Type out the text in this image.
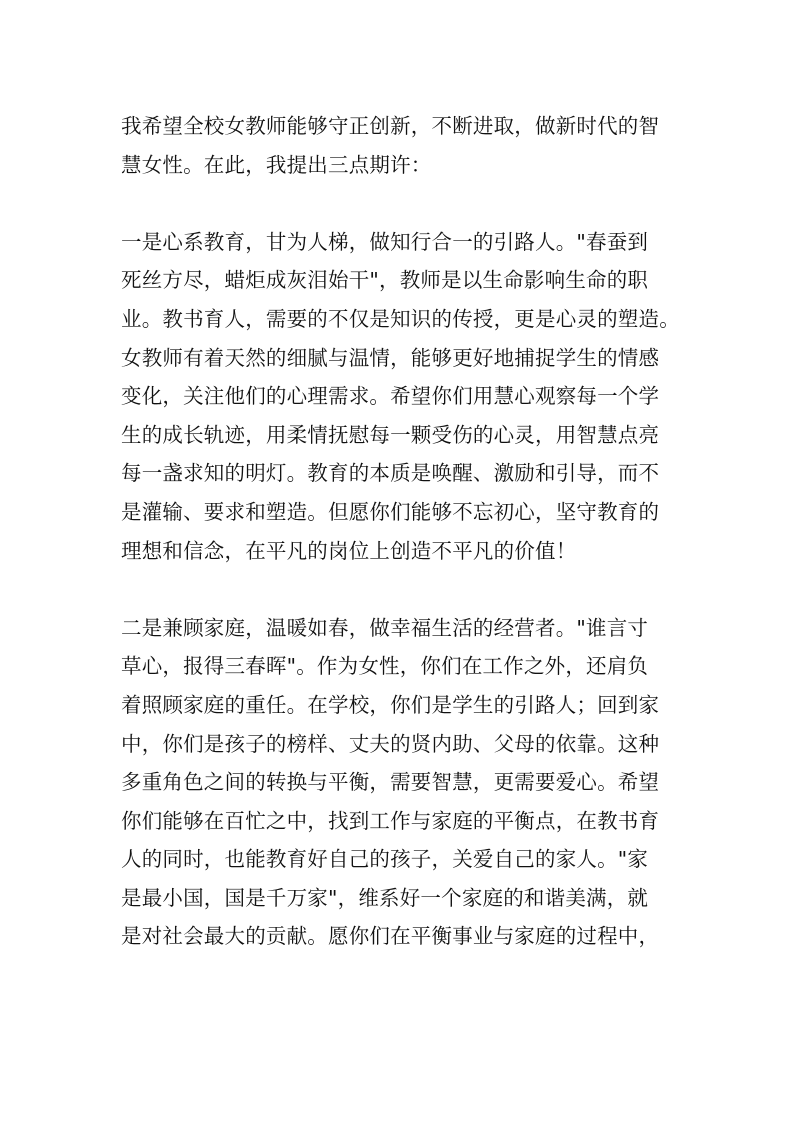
我希望全校女教师能够守正创新，不断进取，做新时代的智
慧女性。在此，我提出三点期许：
一是心系教育，甘为人梯，做知行合一的引路人。"春蚕到
死丝方尽，蜡炬成灰泪始干"，教师是以生命影响生命的职
业。教书育人，需要的不仅是知识的传授，更是心灵的塑造。
女教师有着天然的细腻与温情，能够更好地捕捉学生的情感
变化，关注他们的心理需求。希望你们用慧心观察每一个学
生的成长轨迹，用柔情抚慰每一颗受伤的心灵，用智慧点亮
每一盏求知的明灯。教育的本质是唤醒、激励和引导，而不
是灌输、要求和塑造。但愿你们能够不忘初心，坚守教育的
理想和信念，在平凡的岗位上创造不平凡的价值！
二是兼顾家庭，温暖如春，做幸福生活的经营者。"谁言寸
草心，报得三春晖"。作为女性，你们在工作之外，还肩负
着照顾家庭的重任。在学校，你们是学生的引路人；回到家
中，你们是孩子的榜样、丈夫的贤内助、父母的依靠。这种
多重角色之间的转换与平衡，需要智慧，更需要爱心。希望
你们能够在百忙之中，找到工作与家庭的平衡点，在教书育
人的同时，也能教育好自己的孩子，关爱自己的家人。"家
是最小国，国是千万家"，维系好一个家庭的和谐美满，就
是对社会最大的贡献。愿你们在平衡事业与家庭的过程中，
